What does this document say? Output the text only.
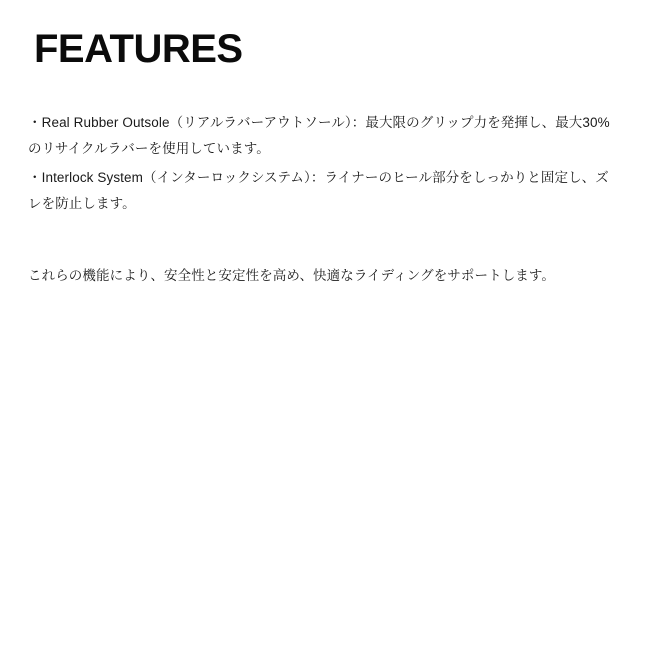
FEATURES
・Real Rubber Outsole（リアルラバーアウトソール）：最大限のグリップ力を発揮し、最大30%のリサイクルラバーを使用しています。
・Interlock System（インターロックシステム）：ライナーのヒール部分をしっかりと固定し、ズレを防止します。

これらの機能により、安全性と安定性を高め、快適なライディングをサポートします。
